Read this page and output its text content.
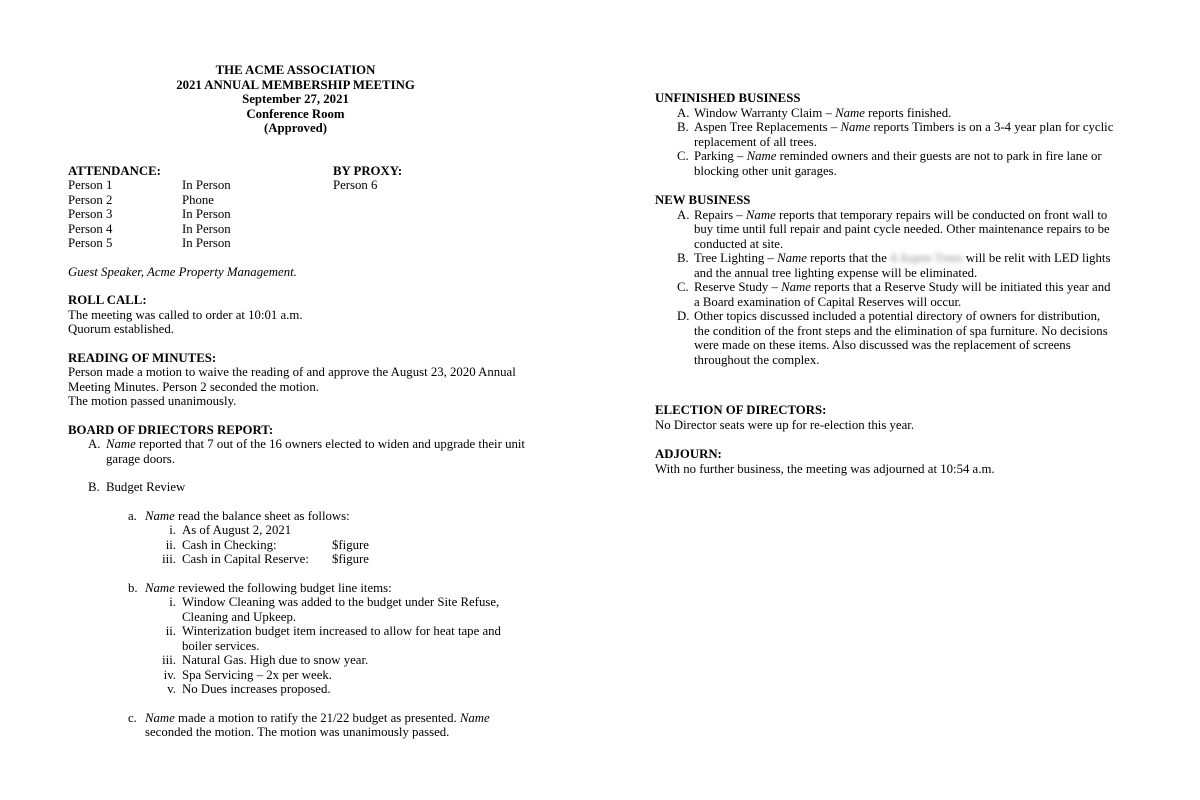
THE ACME ASSOCIATION
2021 ANNUAL MEMBERSHIP MEETING
September 27, 2021
Conference Room
(Approved)
ATTENDANCE:
Person 1	In Person
Person 2	Phone
Person 3	In Person
Person 4	In Person
Person 5	In Person
BY PROXY:
Person 6
Guest Speaker, Acme Property Management.
ROLL CALL:
The meeting was called to order at 10:01 a.m.
Quorum established.
READING OF MINUTES:
Person made a motion to waive the reading of and approve the August 23, 2020 Annual
Meeting Minutes. Person 2 seconded the motion.
The motion passed unanimously.
BOARD OF DRIECTORS REPORT:
A. Name reported that 7 out of the 16 owners elected to widen and upgrade their unit
garage doors.
B. Budget Review
a. Name read the balance sheet as follows:
i. As of August 2, 2021
ii. Cash in Checking:	$figure
iii. Cash in Capital Reserve: $figure
b. Name reviewed the following budget line items:
i. Window Cleaning was added to the budget under Site Refuse,
Cleaning and Upkeep.
ii. Winterization budget item increased to allow for heat tape and
boiler services.
iii. Natural Gas. High due to snow year.
iv. Spa Servicing – 2x per week.
v. No Dues increases proposed.
c. Name made a motion to ratify the 21/22 budget as presented. Name
seconded the motion. The motion was unanimously passed.
UNFINISHED BUSINESS
A. Window Warranty Claim – Name reports finished.
B. Aspen Tree Replacements – Name reports Timbers is on a 3-4 year plan for cyclic
replacement of all trees.
C. Parking – Name reminded owners and their guests are not to park in fire lane or
blocking other unit garages.
NEW BUSINESS
A. Repairs – Name reports that temporary repairs will be conducted on front wall to
buy time until full repair and paint cycle needed. Other maintenance repairs to be
conducted at site.
B. Tree Lighting – Name reports that the 4 Aspen Trees will be relit with LED lights
and the annual tree lighting expense will be eliminated.
C. Reserve Study – Name reports that a Reserve Study will be initiated this year and
a Board examination of Capital Reserves will occur.
D. Other topics discussed included a potential directory of owners for distribution,
the condition of the front steps and the elimination of spa furniture. No decisions
were made on these items. Also discussed was the replacement of screens
throughout the complex.
ELECTION OF DIRECTORS:
No Director seats were up for re-election this year.
ADJOURN:
With no further business, the meeting was adjourned at 10:54 a.m.
